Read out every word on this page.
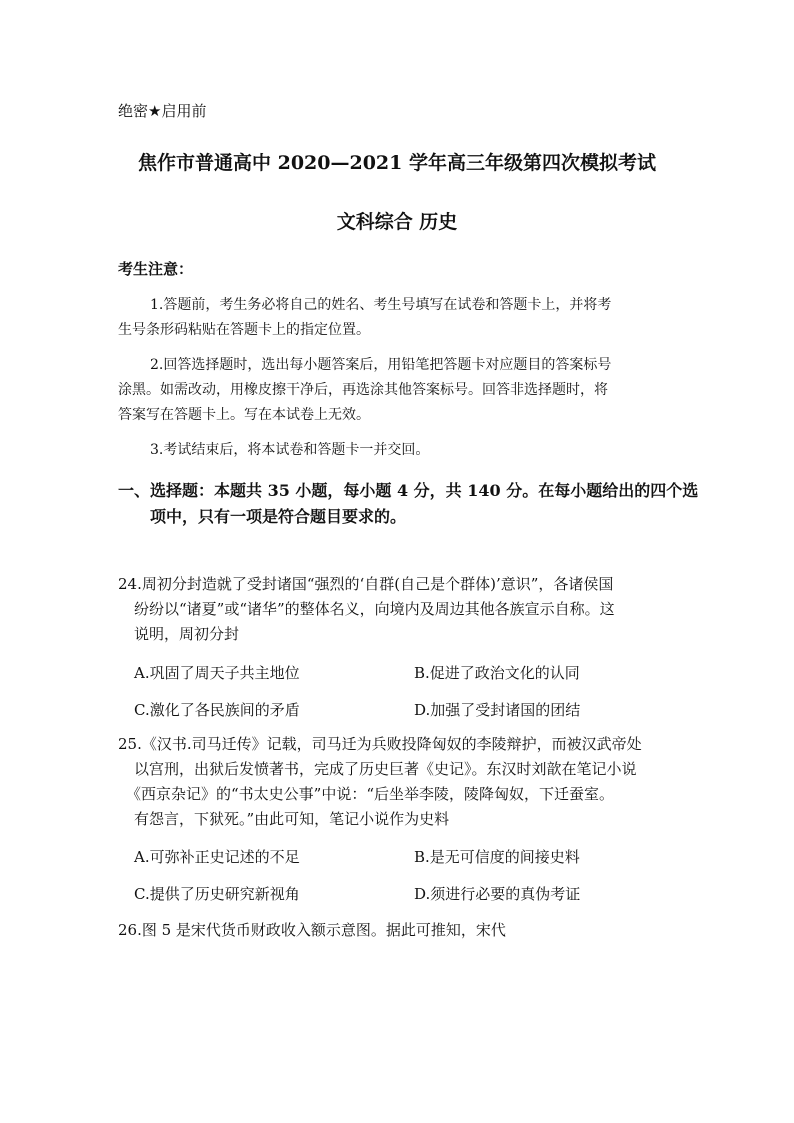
绝密★启用前
焦作市普通高中 2020—2021 学年高三年级第四次模拟考试
文科综合 历史
考生注意：
1.答题前，考生务必将自己的姓名、考生号填写在试卷和答题卡上，并将考
生号条形码粘贴在答题卡上的指定位置。
2.回答选择题时，选出每小题答案后，用铅笔把答题卡对应题目的答案标号
涂黑。如需改动，用橡皮擦干净后，再选涂其他答案标号。回答非选择题时，将
答案写在答题卡上。写在本试卷上无效。
3.考试结束后，将本试卷和答题卡一并交回。
一、选择题：本题共 35 小题，每小题 4 分，共 140 分。在每小题给出的四个选
项中，只有一项是符合题目要求的。
24.周初分封造就了受封诸国“强烈的‘自群(自己是个群体)’意识”，各诸侯国
纷纷以“诸夏”或“诸华”的整体名义，向境内及周边其他各族宣示自称。这
说明，周初分封
A.巩固了周天子共主地位	B.促进了政治文化的认同
C.激化了各民族间的矛盾	D.加强了受封诸国的团结
25.《汉书.司马迁传》记载，司马迁为兵败投降匈奴的李陵辩护，而被汉武帝处
以宫刑，出狱后发愤著书，完成了历史巨著《史记》。东汉时刘歆在笔记小说
《西京杂记》的“书太史公事”中说：“后坐举李陵，陵降匈奴，下迁蚕室。
有怨言，下狱死。”由此可知，笔记小说作为史料
A.可弥补正史记述的不足	B.是无可信度的间接史料
C.提供了历史研究新视角	D.须进行必要的真伪考证
26.图 5 是宋代货币财政收入额示意图。据此可推知，宋代
